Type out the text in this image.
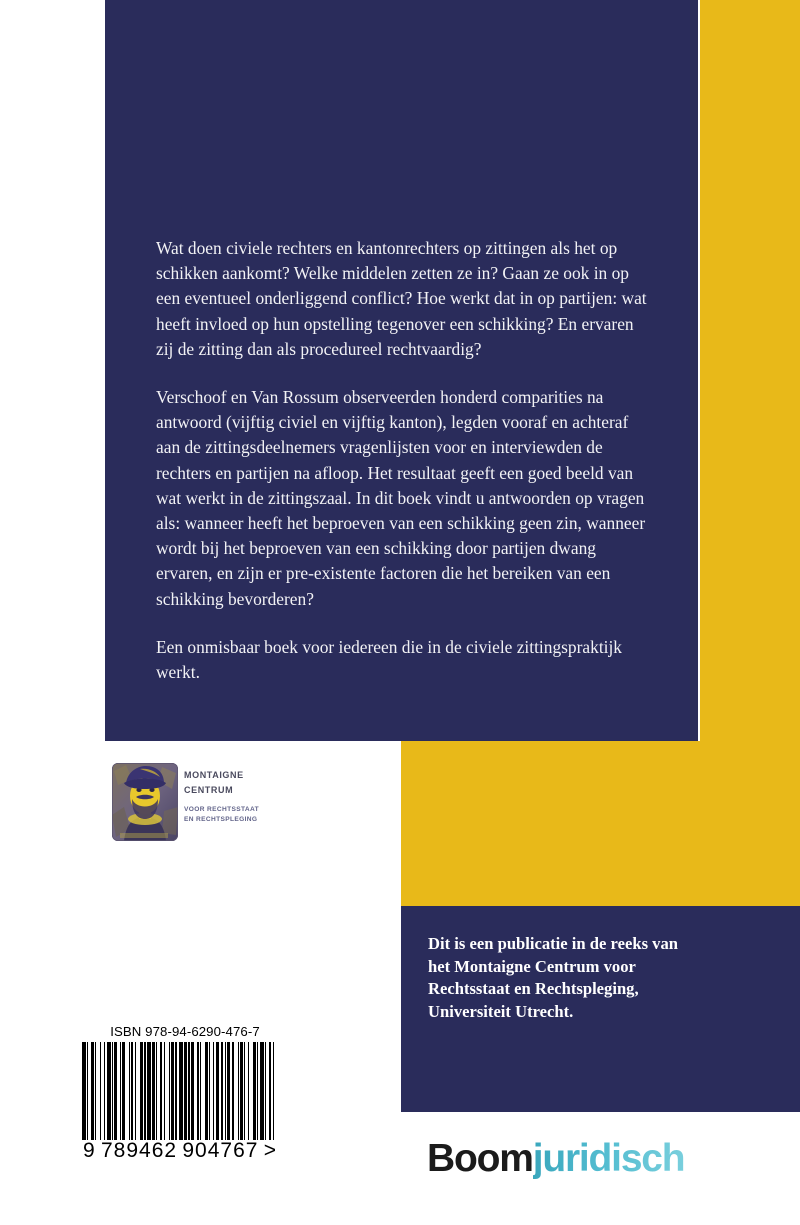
Wat doen civiele rechters en kantonrechters op zittingen als het op schikken aankomt? Welke middelen zetten ze in? Gaan ze ook in op een eventueel onderliggend conflict? Hoe werkt dat in op partijen: wat heeft invloed op hun opstelling tegenover een schikking? En ervaren zij de zitting dan als procedureel rechtvaardig?

Verschoof en Van Rossum observeerden honderd comparities na antwoord (vijftig civiel en vijftig kanton), legden vooraf en achteraf aan de zittingsdeelnemers vragenlijsten voor en interviewden de rechters en partijen na afloop. Het resultaat geeft een goed beeld van wat werkt in de zittingszaal. In dit boek vindt u antwoorden op vragen als: wanneer heeft het beproeven van een schikking geen zin, wanneer wordt bij het beproeven van een schikking door partijen dwang ervaren, en zijn er pre-existente factoren die het bereiken van een schikking bevorderen?

Een onmisbaar boek voor iedereen die in de civiele zittingspraktijk werkt.

montaigne
centrum
VOOR RECHTSSTAAT
EN RECHTSPLEGING
Dit is een publicatie in de reeks van het Montaigne Centrum voor Rechtsstaat en Rechtspleging, Universiteit Utrecht.
ISBN 978-94-6290-476-7
9 789462 904767 >	Boomjuridisch
